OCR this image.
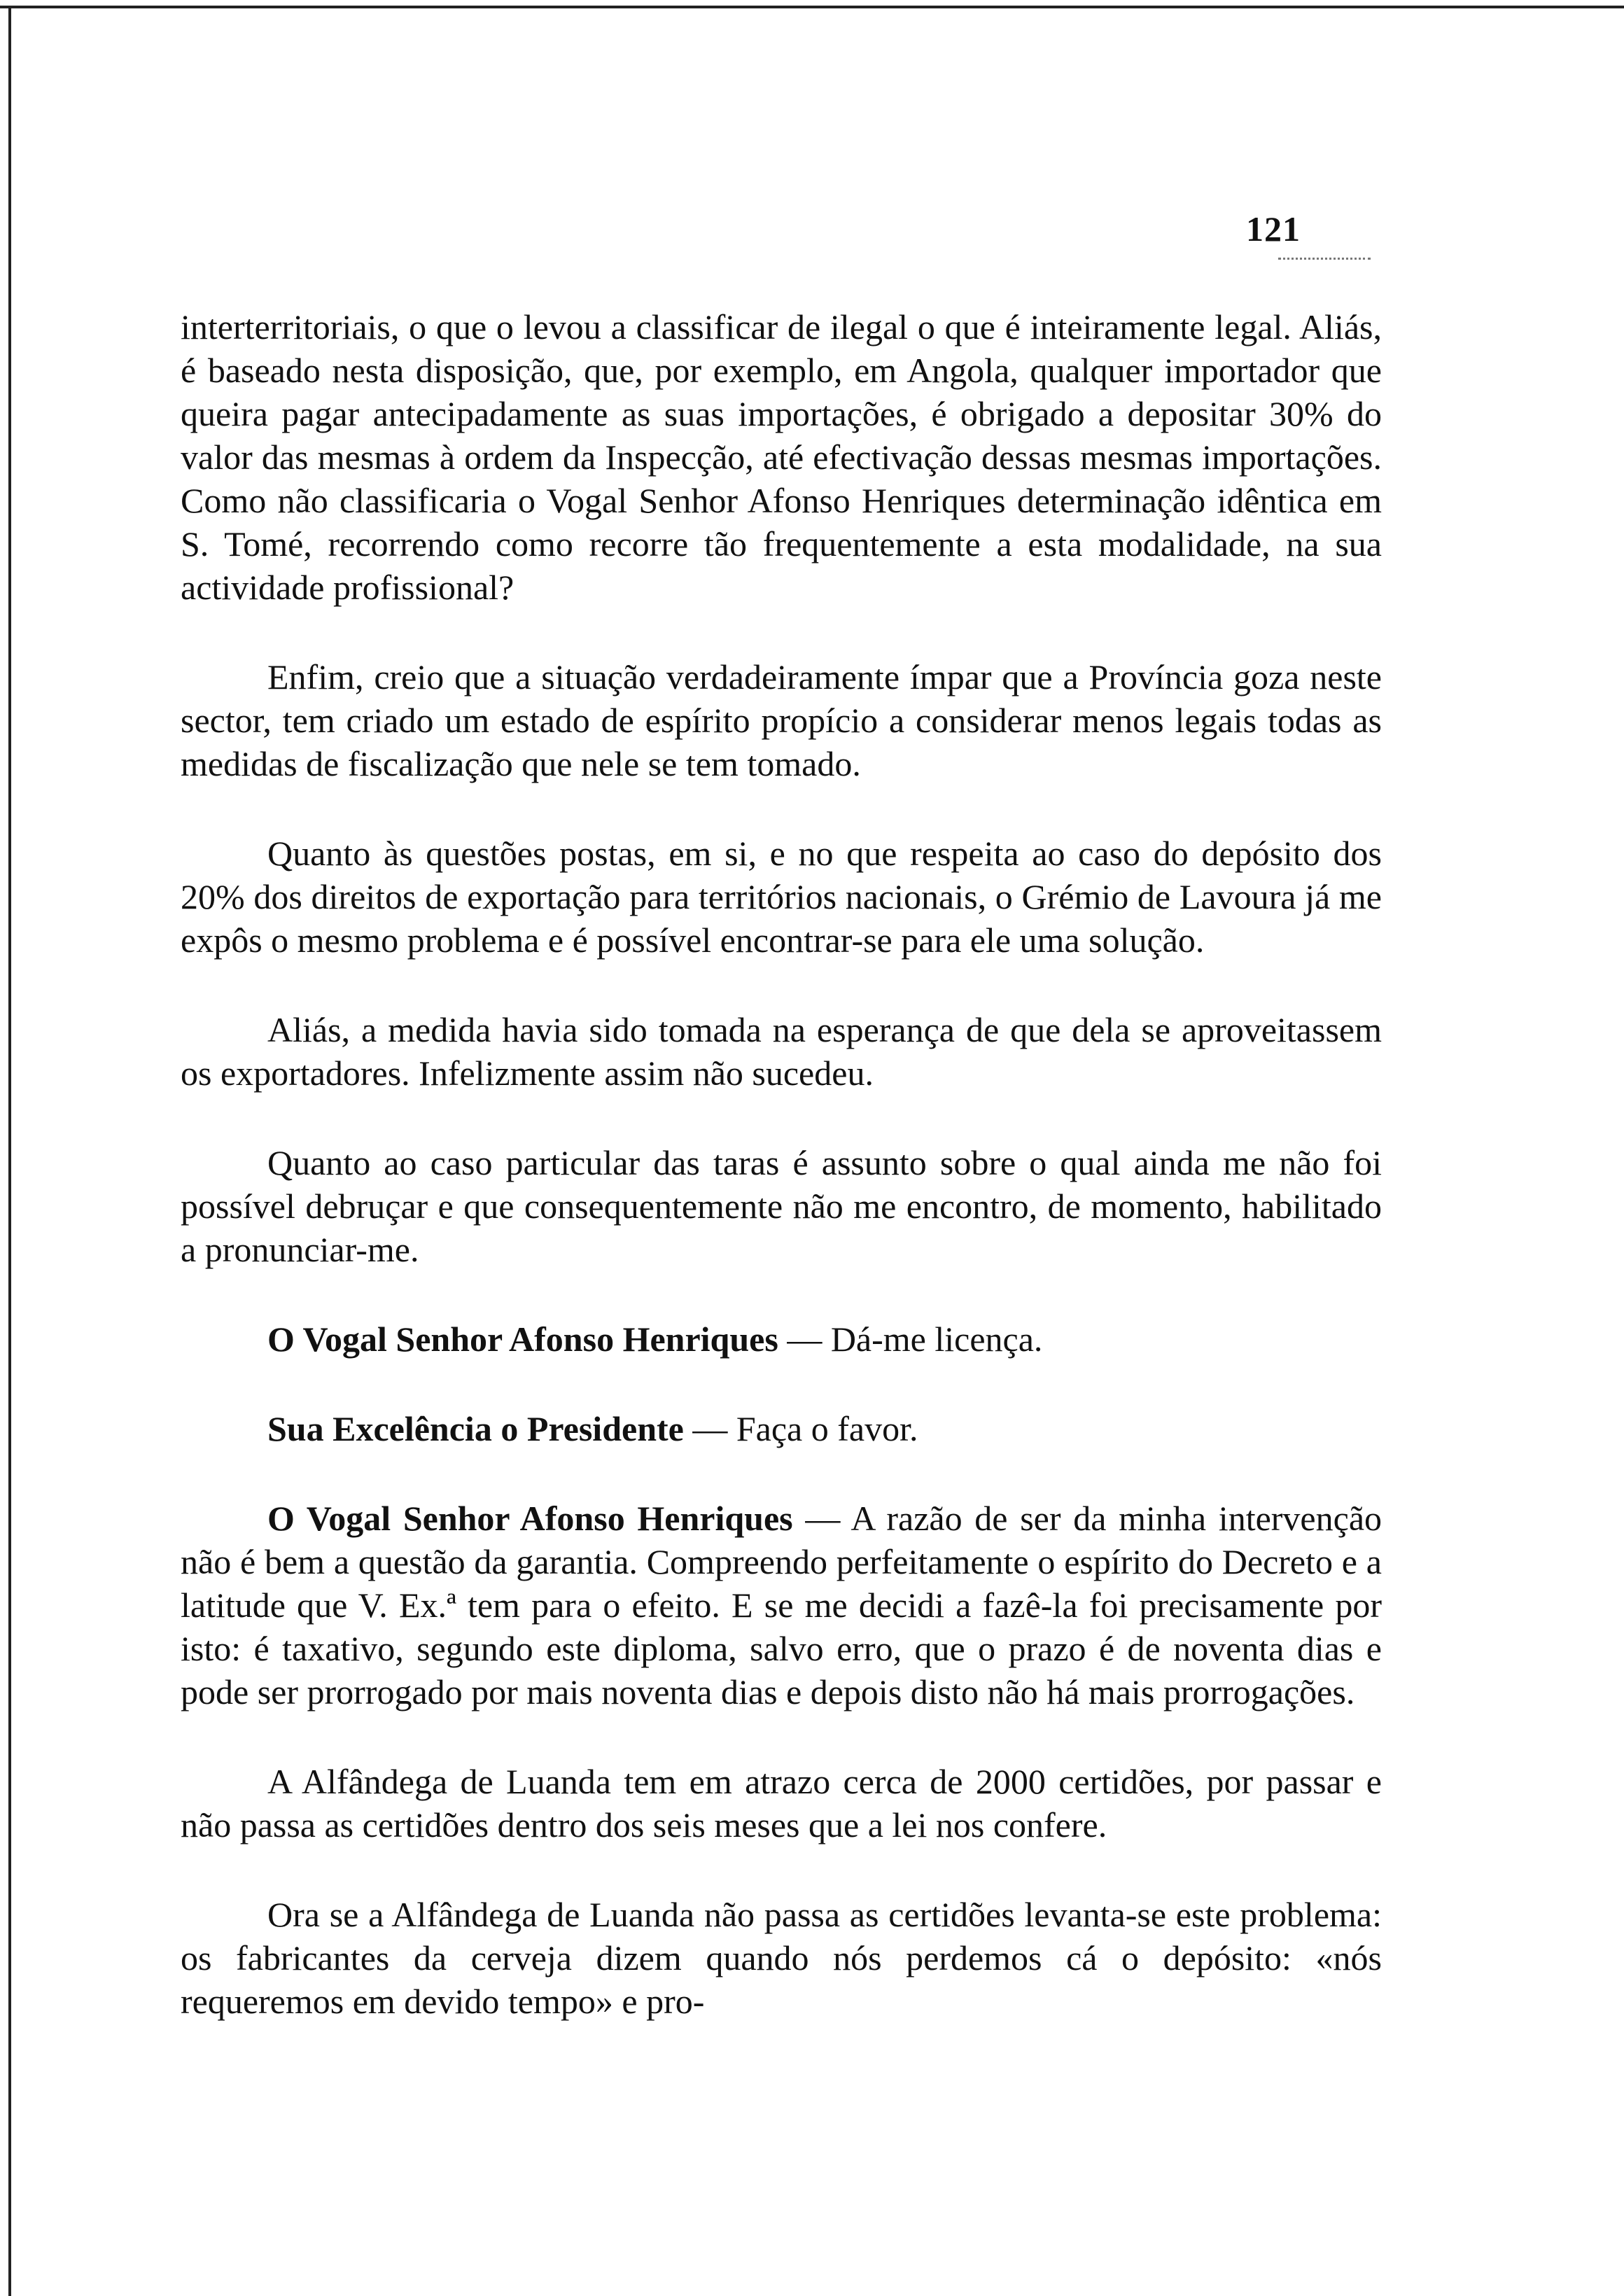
121

interterritoriais, o que o levou a classificar de ilegal o que é inteiramente legal. Aliás, é baseado nesta disposição, que, por exemplo, em Angola, qualquer importador que queira pagar antecipadamente as suas importações, é obrigado a depositar 30% do valor das mesmas à ordem da Inspecção, até efectivação dessas mesmas importações. Como não classificaria o Vogal Senhor Afonso Henriques determinação idêntica em S. Tomé, recorrendo como recorre tão frequentemente a esta modalidade, na sua actividade profissional?

Enfim, creio que a situação verdadeiramente ímpar que a Província goza neste sector, tem criado um estado de espírito propício a considerar menos legais todas as medidas de fiscalização que nele se tem tomado.

Quanto às questões postas, em si, e no que respeita ao caso do depósito dos 20% dos direitos de exportação para territórios nacionais, o Grémio de Lavoura já me expôs o mesmo problema e é possível encontrar-se para ele uma solução.

Aliás, a medida havia sido tomada na esperança de que dela se aproveitassem os exportadores. Infelizmente assim não sucedeu.

Quanto ao caso particular das taras é assunto sobre o qual ainda me não foi possível debruçar e que consequentemente não me encontro, de momento, habilitado a pronunciar-me.

O Vogal Senhor Afonso Henriques — Dá-me licença.

Sua Excelência o Presidente — Faça o favor.

O Vogal Senhor Afonso Henriques — A razão de ser da minha intervenção não é bem a questão da garantia. Compreendo perfeitamente o espírito do Decreto e a latitude que V. Ex.ª tem para o efeito. E se me decidi a fazê-la foi precisamente por isto: é taxativo, segundo este diploma, salvo erro, que o prazo é de noventa dias e pode ser prorrogado por mais noventa dias e depois disto não há mais prorrogações.

A Alfândega de Luanda tem em atrazo cerca de 2000 certidões, por passar e não passa as certidões dentro dos seis meses que a lei nos confere.

Ora se a Alfândega de Luanda não passa as certidões levanta-se este problema: os fabricantes da cerveja dizem quando nós perdemos cá o depósito: «nós requeremos em devido tempo» e pro-
